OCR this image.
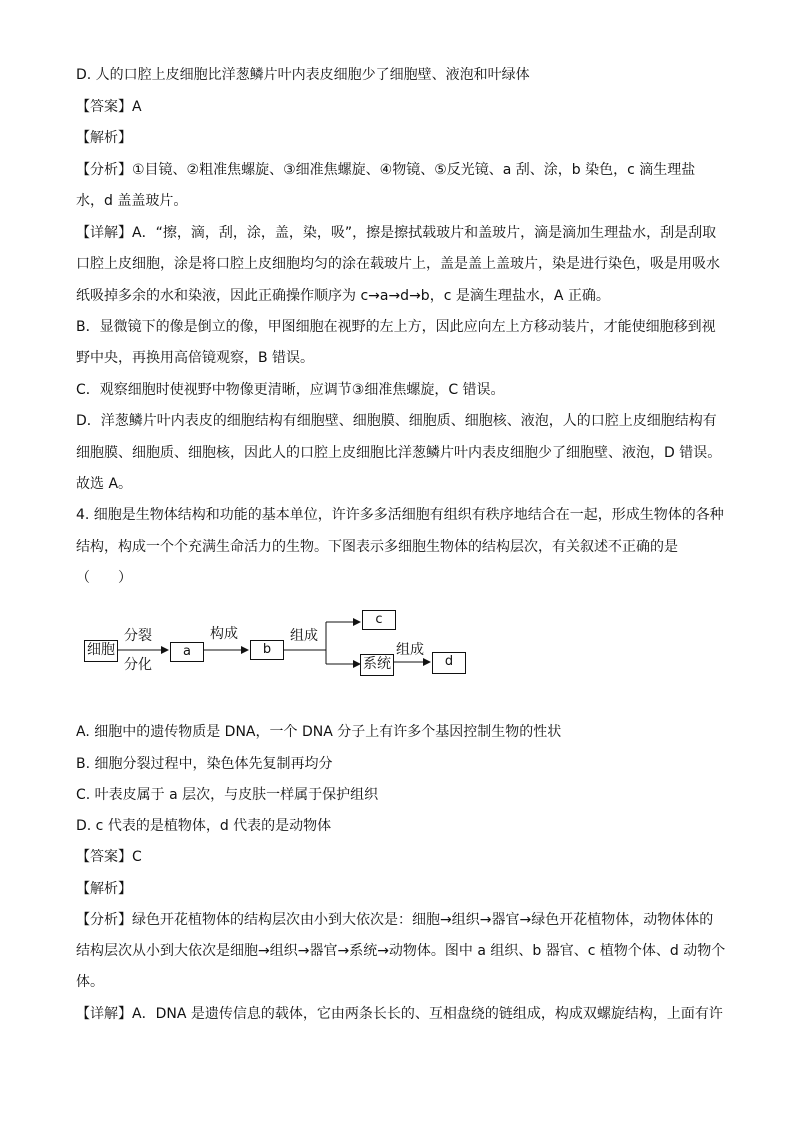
D. 人的口腔上皮细胞比洋葱鳞片叶内表皮细胞少了细胞壁、液泡和叶绿体
【答案】A
【解析】
【分析】①目镜、②粗准焦螺旋、③细准焦螺旋、④物镜、⑤反光镜、a 刮、涂，b 染色，c 滴生理盐
水，d 盖盖玻片。
【详解】A．“擦，滴，刮，涂，盖，染，吸”，擦是擦拭载玻片和盖玻片，滴是滴加生理盐水，刮是刮取
口腔上皮细胞，涂是将口腔上皮细胞均匀的涂在载玻片上，盖是盖上盖玻片，染是进行染色，吸是用吸水
纸吸掉多余的水和染液，因此正确操作顺序为 c→a→d→b，c 是滴生理盐水，A 正确。
B．显微镜下的像是倒立的像，甲图细胞在视野的左上方，因此应向左上方移动装片，才能使细胞移到视
野中央，再换用高倍镜观察，B 错误。
C．观察细胞时使视野中物像更清晰，应调节③细准焦螺旋，C 错误。
D．洋葱鳞片叶内表皮的细胞结构有细胞壁、细胞膜、细胞质、细胞核、液泡，人的口腔上皮细胞结构有
细胞膜、细胞质、细胞核，因此人的口腔上皮细胞比洋葱鳞片叶内表皮细胞少了细胞壁、液泡，D 错误。
故选 A。
4. 细胞是生物体结构和功能的基本单位，许许多多活细胞有组织有秩序地结合在一起，形成生物体的各种
结构，构成一个个充满生命活力的生物。下图表示多细胞生物体的结构层次，有关叙述不正确的是
（　　）
细胞	a	b
c
系统	d
分裂
分化
构成	组成
组成
A. 细胞中的遗传物质是 DNA，一个 DNA 分子上有许多个基因控制生物的性状
B. 细胞分裂过程中，染色体先复制再均分
C. 叶表皮属于 a 层次，与皮肤一样属于保护组织
D. c 代表的是植物体，d 代表的是动物体
【答案】C
【解析】
【分析】绿色开花植物体的结构层次由小到大依次是：细胞→组织→器官→绿色开花植物体，动物体体的
结构层次从小到大依次是细胞→组织→器官→系统→动物体。图中 a 组织、b 器官、c 植物个体、d 动物个
体。
【详解】A．DNA 是遗传信息的载体，它由两条长长的、互相盘绕的链组成，构成双螺旋结构，上面有许
